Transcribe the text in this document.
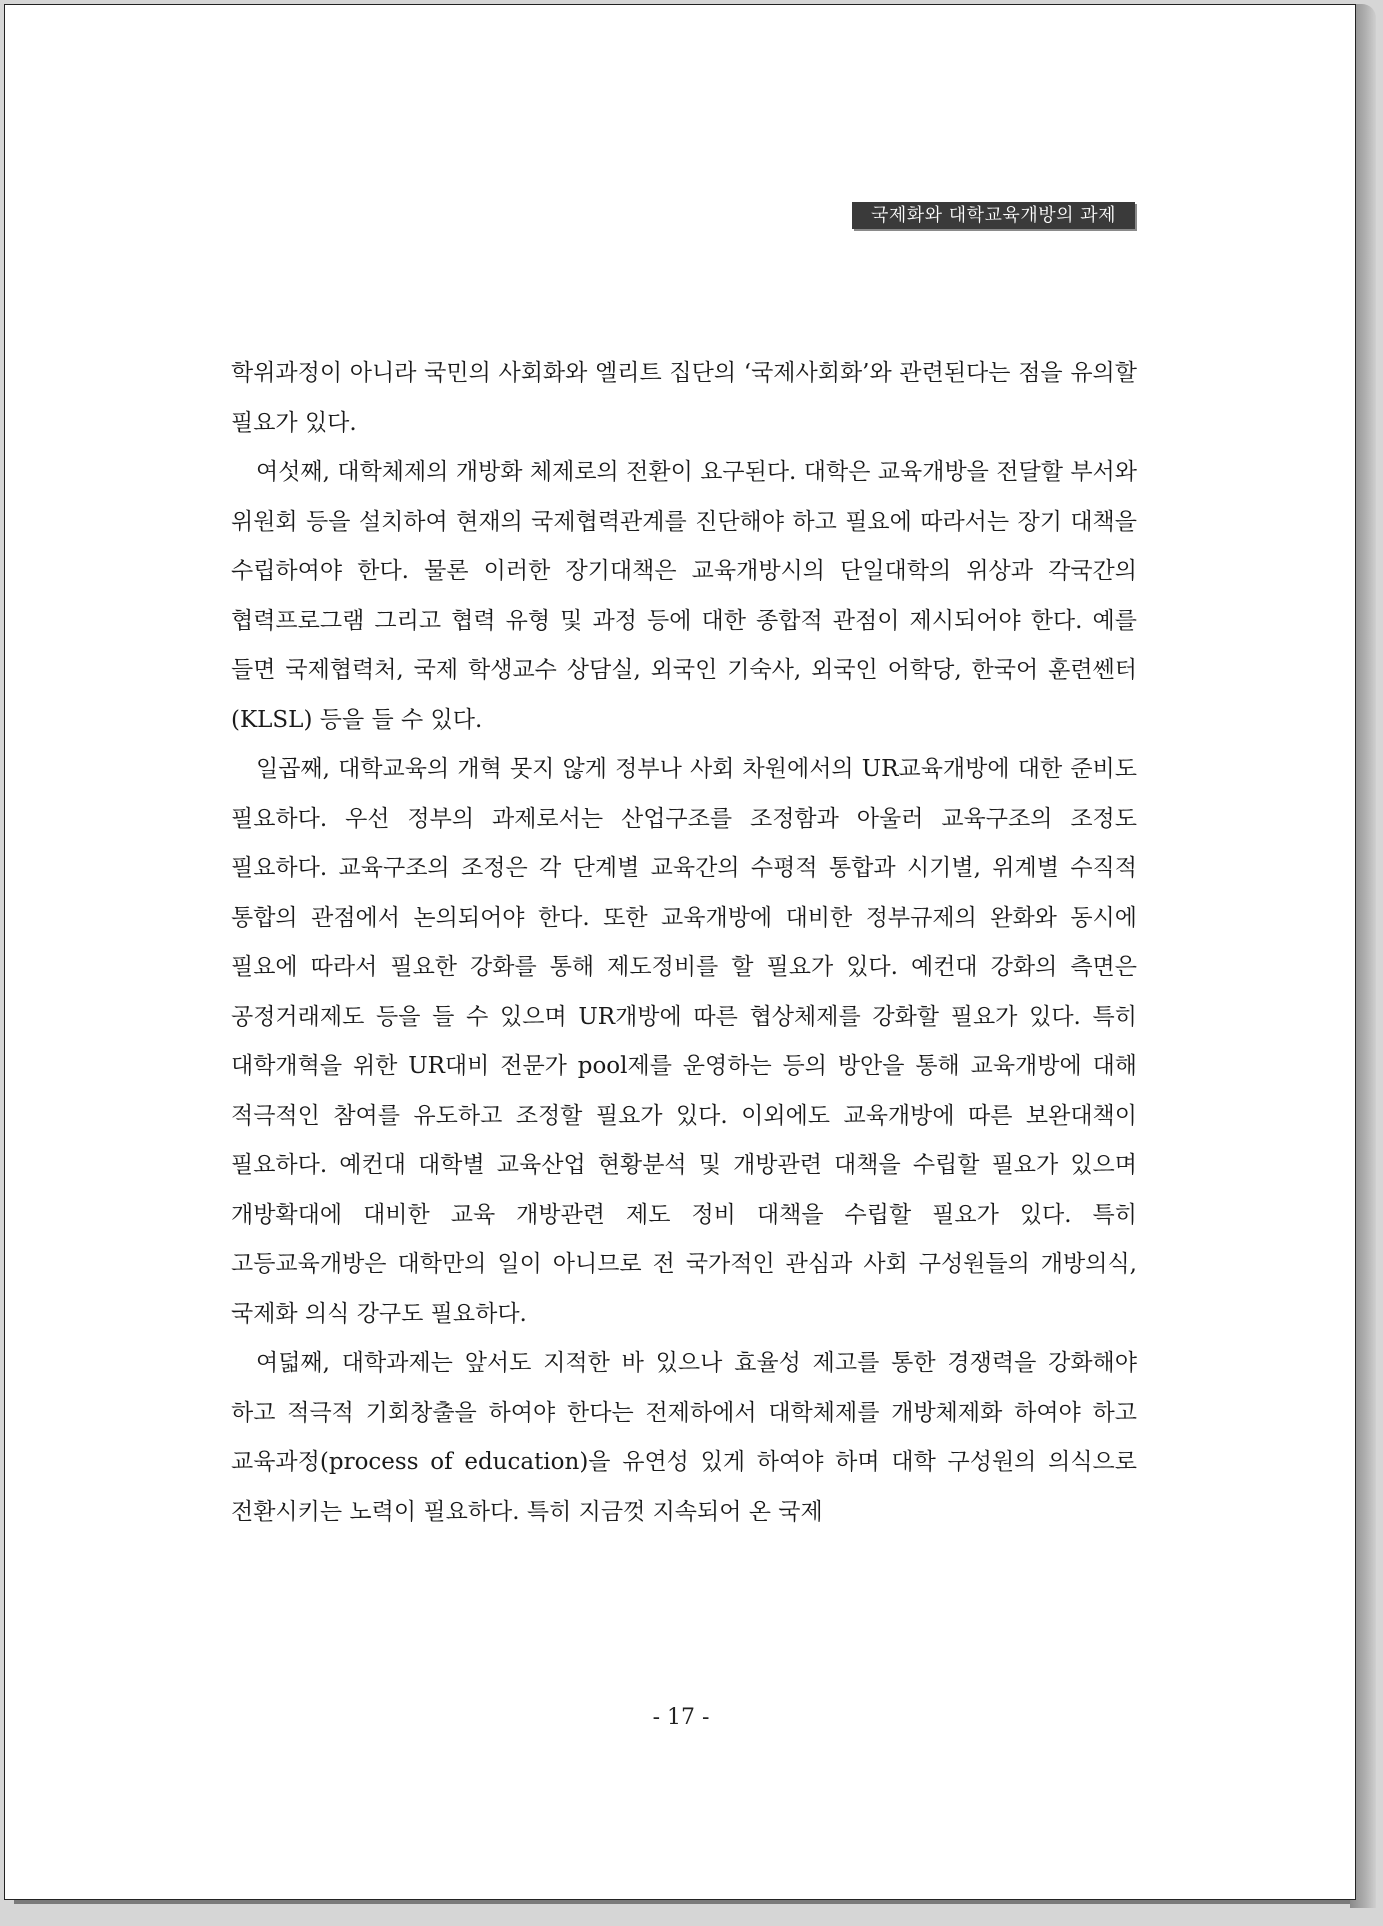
국제화와 대학교육개방의 과제

학위과정이 아니라 국민의 사회화와 엘리트 집단의 ‘국제사회화’와 관련된다는 점을 유의할 필요가 있다.

여섯째, 대학체제의 개방화 체제로의 전환이 요구된다. 대학은 교육개방을 전달할 부서와 위원회 등을 설치하여 현재의 국제협력관계를 진단해야 하고 필요에 따라서는 장기 대책을 수립하여야 한다. 물론 이러한 장기대책은 교육개방시의 단일대학의 위상과 각국간의 협력프로그램 그리고 협력 유형 및 과정 등에 대한 종합적 관점이 제시되어야 한다. 예를 들면 국제협력처, 국제 학생교수 상담실, 외국인 기숙사, 외국인 어학당, 한국어 훈련쎈터(KLSL) 등을 들 수 있다.

일곱째, 대학교육의 개혁 못지 않게 정부나 사회 차원에서의 UR교육개방에 대한 준비도 필요하다. 우선 정부의 과제로서는 산업구조를 조정함과 아울러 교육구조의 조정도 필요하다. 교육구조의 조정은 각 단계별 교육간의 수평적 통합과 시기별, 위계별 수직적 통합의 관점에서 논의되어야 한다. 또한 교육개방에 대비한 정부규제의 완화와 동시에 필요에 따라서 필요한 강화를 통해 제도정비를 할 필요가 있다. 예컨대 강화의 측면은 공정거래제도 등을 들 수 있으며 UR개방에 따른 협상체제를 강화할 필요가 있다. 특히 대학개혁을 위한 UR대비 전문가 pool제를 운영하는 등의 방안을 통해 교육개방에 대해 적극적인 참여를 유도하고 조정할 필요가 있다. 이외에도 교육개방에 따른 보완대책이 필요하다. 예컨대 대학별 교육산업 현황분석 및 개방관련 대책을 수립할 필요가 있으며 개방확대에 대비한 교육 개방관련 제도 정비 대책을 수립할 필요가 있다. 특히 고등교육개방은 대학만의 일이 아니므로 전 국가적인 관심과 사회 구성원들의 개방의식, 국제화 의식 강구도 필요하다.

여덟째, 대학과제는 앞서도 지적한 바 있으나 효율성 제고를 통한 경쟁력을 강화해야 하고 적극적 기회창출을 하여야 한다는 전제하에서 대학체제를 개방체제화 하여야 하고 교육과정(process of education)을 유연성 있게 하여야 하며 대학 구성원의 의식으로 전환시키는 노력이 필요하다. 특히 지금껏 지속되어 온 국제

- 17 -
